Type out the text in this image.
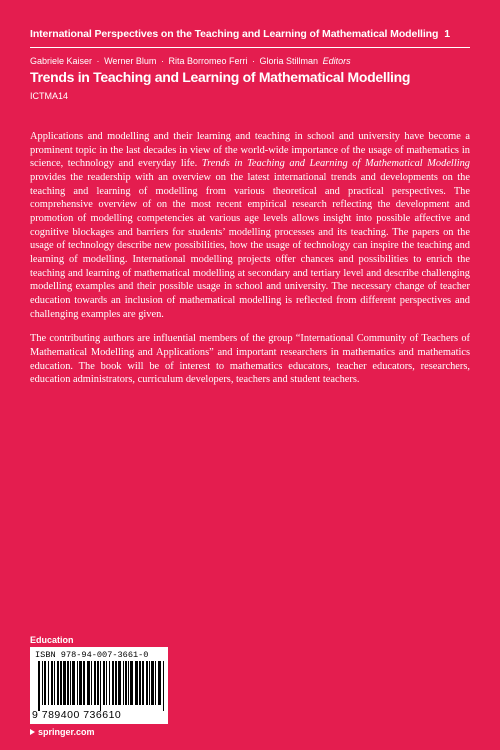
International Perspectives on the Teaching and Learning of Mathematical Modelling 1
Gabriele Kaiser · Werner Blum · Rita Borromeo Ferri · Gloria Stillman Editors
Trends in Teaching and Learning of Mathematical Modelling
ICTMA14

Applications and modelling and their learning and teaching in school and university have become a prominent topic in the last decades in view of the world-wide importance of the usage of mathematics in science, technology and everyday life. Trends in Teaching and Learning of Mathematical Modelling provides the readership with an overview on the latest international trends and developments on the teaching and learning of modelling from various theoretical and practical perspectives. The comprehensive overview of on the most recent empirical research reflecting the development and promotion of modelling competencies at various age levels allows insight into possible affective and cognitive blockages and barriers for students’ modelling processes and its teaching. The papers on the usage of technology describe new possibilities, how the usage of technology can inspire the teaching and learning of modelling. International modelling projects offer chances and possibilities to enrich the teaching and learning of mathematical modelling at secondary and tertiary level and describe challenging modelling examples and their possible usage in school and university. The necessary change of teacher education towards an inclusion of mathematical modelling is reflected from different perspectives and challenging examples are given.

The contributing authors are influential members of the group “International Community of Teachers of Mathematical Modelling and Applications” and important researchers in mathematics and mathematics education. The book will be of interest to mathematics educators, teacher educators, researchers, education administrators, curriculum developers, teachers and student teachers.

Education
ISBN 978-94-007-3661-0
9 789400 736610
springer.com
